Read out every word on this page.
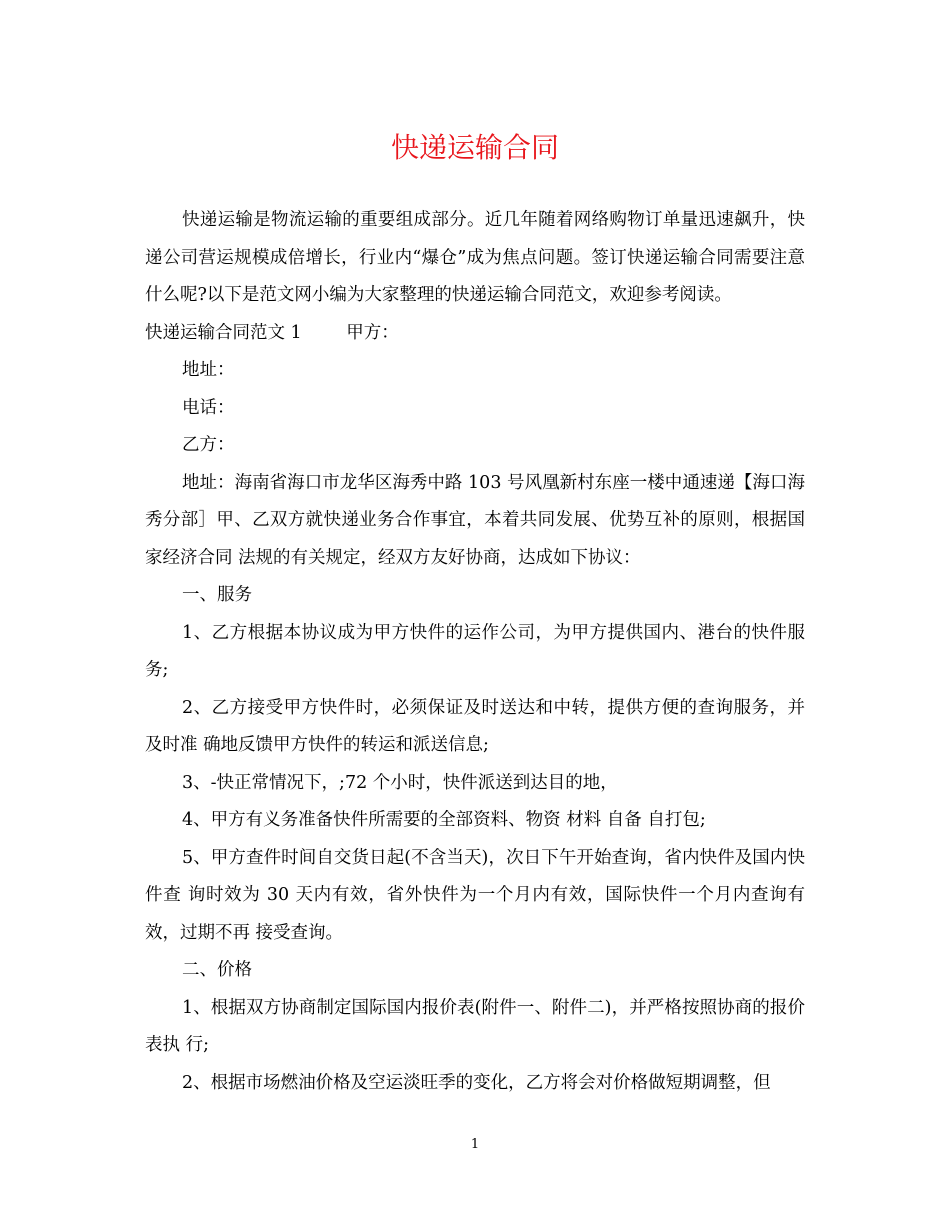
快递运输合同

快递运输是物流运输的重要组成部分。近几年随着网络购物订单量迅速飙升，快递公司营运规模成倍增长，行业内“爆仓”成为焦点问题。签订快递运输合同需要注意什么呢?以下是范文网小编为大家整理的快递运输合同范文，欢迎参考阅读。

快递运输合同范文 1        甲方：

地址：

电话：

乙方：

地址：海南省海口市龙华区海秀中路 103 号风凰新村东座一楼中通速递【海口海秀分部］甲、乙双方就快递业务合作事宜，本着共同发展、优势互补的原则，根据国家经济合同 法规的有关规定，经双方友好协商，达成如下协议：

一、服务

1、乙方根据本协议成为甲方快件的运作公司，为甲方提供国内、港台的快件服务;

2、乙方接受甲方快件时，必须保证及时送达和中转，提供方便的查询服务，并及时准 确地反馈甲方快件的转运和派送信息;

3、-快正常情况下，;72 个小时，快件派送到达目的地，

4、甲方有义务准备快件所需要的全部资料、物资 材料 自备 自打包;

5、甲方查件时间自交货日起(不含当天)，次日下午开始查询，省内快件及国内快件查 询时效为 30 天内有效，省外快件为一个月内有效，国际快件一个月内查询有效，过期不再 接受查询。

二、价格

1、根据双方协商制定国际国内报价表(附件一、附件二)，并严格按照协商的报价表执 行;

2、根据市场燃油价格及空运淡旺季的变化，乙方将会对价格做短期调整，但

1
